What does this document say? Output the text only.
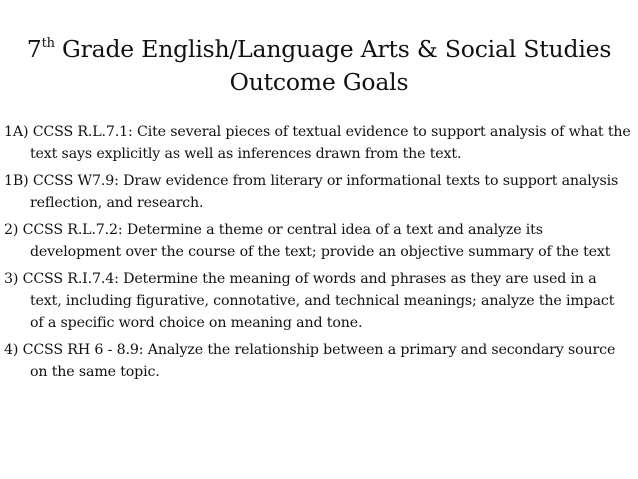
7th Grade English/Language Arts & Social Studies
Outcome Goals
1A) CCSS R.L.7.1: Cite several pieces of textual evidence to support analysis of what the text says explicitly as well as inferences drawn from the text.
1B) CCSS W7.9: Draw evidence from literary or informational texts to support analysis reflection, and research.
2) CCSS R.L.7.2: Determine a theme or central idea of a text and analyze its development over the course of the text; provide an objective summary of the text
3) CCSS R.I.7.4: Determine the meaning of words and phrases as they are used in a text, including figurative, connotative, and technical meanings; analyze the impact of a specific word choice on meaning and tone.
4) CCSS RH 6 - 8.9: Analyze the relationship between a primary and secondary source on the same topic.
